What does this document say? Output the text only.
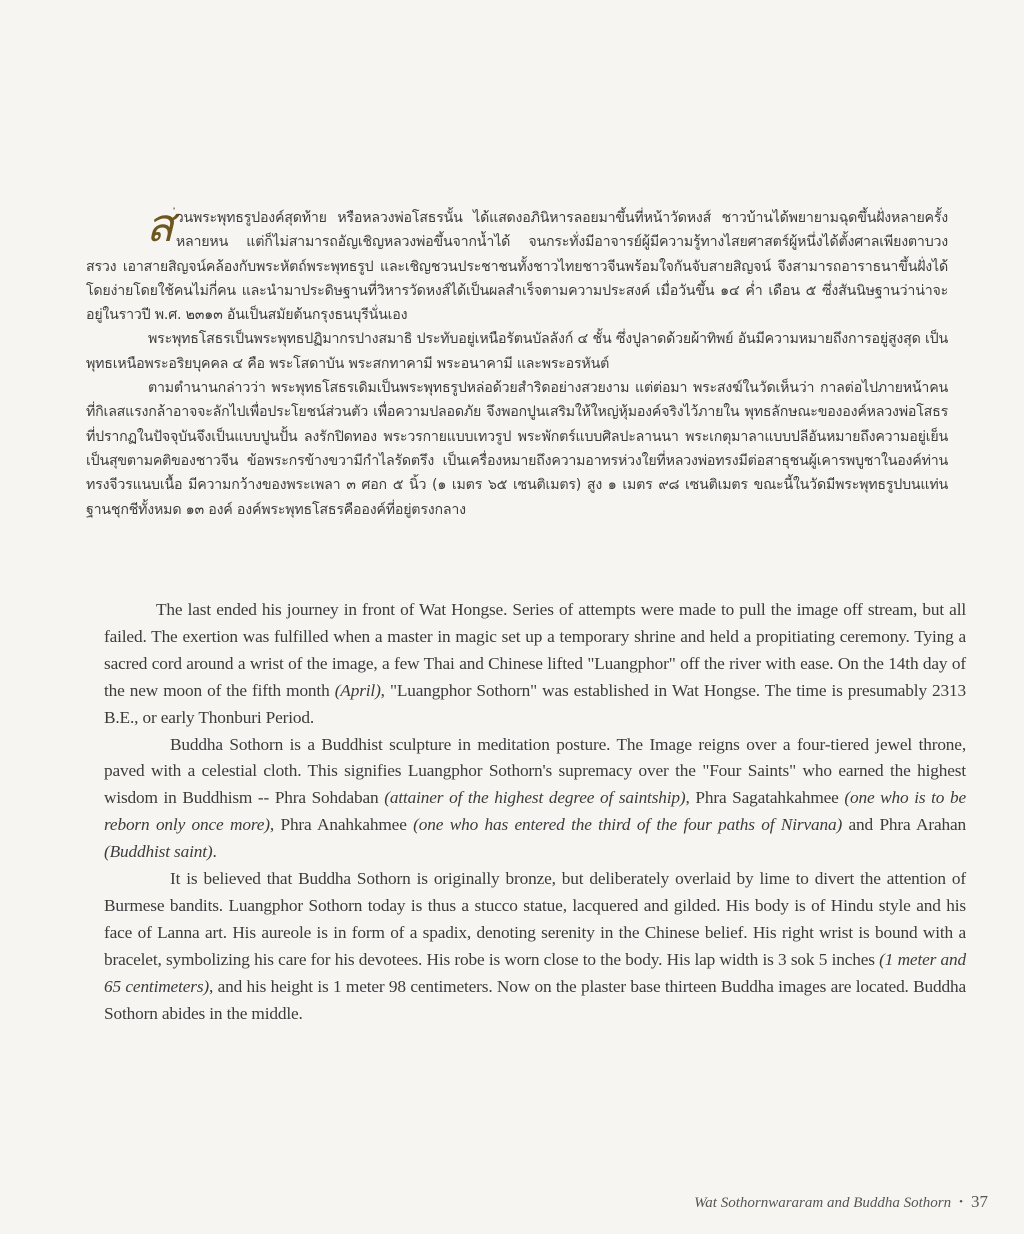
ส ่วนพระพุทธรูปองค์สุดท้าย หรือหลวงพ่อโสธรนั้น ได้แสดงอภินิหารลอยมาขึ้นที่หน้าวัดหงส์ ชาวบ้านได้พยายามฉุดขึ้นฝั่งหลายครั้งหลายหน แต่ก็ไม่สามารถอัญเชิญหลวงพ่อขึ้นจากน้ำได้ จนกระทั่งมีอาจารย์ผู้มีความรู้ทางไสยศาสตร์ผู้หนึ่งได้ตั้งศาลเพียงตาบวงสรวง เอาสายสิญจน์คล้องกับพระหัตถ์พระพุทธรูป และเชิญชวนประชาชนทั้งชาวไทยชาวจีนพร้อมใจกันจับสายสิญจน์ จึงสามารถอาราธนาขึ้นฝั่งได้โดยง่ายโดยใช้คนไม่กี่คน และนำมาประดิษฐานที่วิหารวัดหงส์ได้เป็นผลสำเร็จตามความประสงค์ เมื่อวันขึ้น ๑๔ ค่ำ เดือน ๕ ซึ่งสันนิษฐานว่าน่าจะอยู่ในราวปี พ.ศ. ๒๓๑๓ อันเป็นสมัยต้นกรุงธนบุรีนั่นเอง

พระพุทธโสธรเป็นพระพุทธปฏิมากรปางสมาธิ ประทับอยู่เหนือรัตนบัลลังก์ ๔ ชั้น ซึ่งปูลาดด้วยผ้าทิพย์ อันมีความหมายถึงการอยู่สูงสุด เป็นพุทธเหนือพระอริยบุคคล ๔ คือ พระโสดาบัน พระสกทาคามี พระอนาคามี และพระอรหันต์

ตามตำนานกล่าวว่า พระพุทธโสธรเดิมเป็นพระพุทธรูปหล่อด้วยสำริดอย่างสวยงาม แต่ต่อมา พระสงฆ์ในวัดเห็นว่า กาลต่อไปภายหน้าคนที่กิเลสแรงกล้าอาจจะลักไปเพื่อประโยชน์ส่วนตัว เพื่อความปลอดภัย จึงพอกปูนเสริมให้ใหญ่หุ้มองค์จริงไว้ภายใน พุทธลักษณะขององค์หลวงพ่อโสธรที่ปรากฏในปัจจุบันจึงเป็นแบบปูนปั้น ลงรักปิดทอง พระวรกายแบบเทวรูป พระพักตร์แบบศิลปะลานนา พระเกตุมาลาแบบปลีอันหมายถึงความอยู่เย็นเป็นสุขตามคติของชาวจีน ข้อพระกรข้างขวามีกำไลรัดตรึง เป็นเครื่องหมายถึงความอาทรห่วงใยที่หลวงพ่อทรงมีต่อสาธุชนผู้เคารพบูชาในองค์ท่าน ทรงจีวรแนบเนื้อ มีความกว้างของพระเพลา ๓ ศอก ๕ นิ้ว (๑ เมตร ๖๕ เซนติเมตร) สูง ๑ เมตร ๙๘ เซนติเมตร ขณะนี้ในวัดมีพระพุทธรูปบนแท่นฐานชุกชีทั้งหมด ๑๓ องค์ องค์พระพุทธโสธรคือองค์ที่อยู่ตรงกลาง

The last ended his journey in front of Wat Hongse. Series of attempts were made to pull the image off stream, but all failed. The exertion was fulfilled when a master in magic set up a temporary shrine and held a propitiating ceremony. Tying a sacred cord around a wrist of the image, a few Thai and Chinese lifted "Luangphor" off the river with ease. On the 14th day of the new moon of the fifth month (April), "Luangphor Sothorn" was established in Wat Hongse. The time is presumably 2313 B.E., or early Thonburi Period.

Buddha Sothorn is a Buddhist sculpture in meditation posture. The Image reigns over a four-tiered jewel throne, paved with a celestial cloth. This signifies Luangphor Sothorn's supremacy over the "Four Saints" who earned the highest wisdom in Buddhism -- Phra Sohdaban (attainer of the highest degree of saintship), Phra Sagatahkahmee (one who is to be reborn only once more), Phra Anahkahmee (one who has entered the third of the four paths of Nirvana) and Phra Arahan (Buddhist saint).

It is believed that Buddha Sothorn is originally bronze, but deliberately overlaid by lime to divert the attention of Burmese bandits. Luangphor Sothorn today is thus a stucco statue, lacquered and gilded. His body is of Hindu style and his face of Lanna art. His aureole is in form of a spadix, denoting serenity in the Chinese belief. His right wrist is bound with a bracelet, symbolizing his care for his devotees. His robe is worn close to the body. His lap width is 3 sok 5 inches (1 meter and 65 centimeters), and his height is 1 meter 98 centimeters. Now on the plaster base thirteen Buddha images are located. Buddha Sothorn abides in the middle.

Wat Sothornwararam and Buddha Sothorn • 37
